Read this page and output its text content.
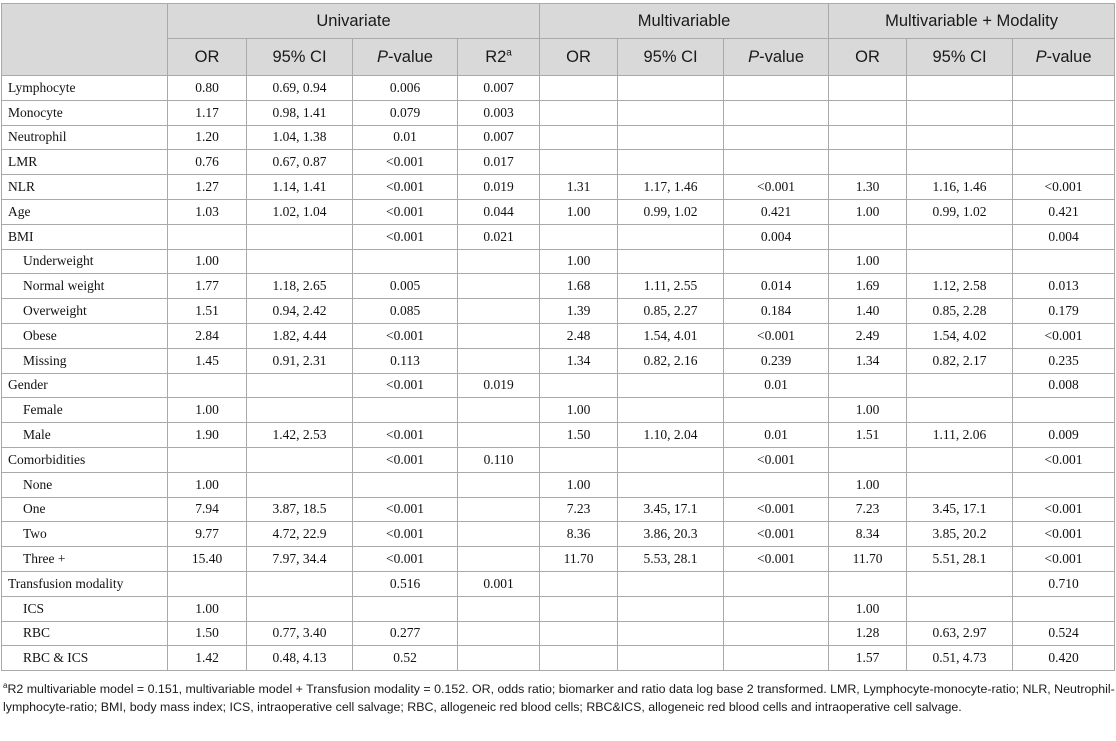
	Univariate				Multivariable			Multivariable + Modality		
	OR	95% CI	P-value	R2$^a$	OR	95% CI	P-value	OR	95% CI	P-value
Lymphocyte	0.80	0.69, 0.94	0.006	0.007						
Monocyte	1.17	0.98, 1.41	0.079	0.003						
Neutrophil	1.20	1.04, 1.38	0.01	0.007						
LMR	0.76	0.67, 0.87	<0.001	0.017						
NLR	1.27	1.14, 1.41	<0.001	0.019	1.31	1.17, 1.46	<0.001	1.30	1.16, 1.46	<0.001
Age	1.03	1.02, 1.04	<0.001	0.044	1.00	0.99, 1.02	0.421	1.00	0.99, 1.02	0.421
BMI			<0.001	0.021			0.004			0.004
Underweight	1.00				1.00			1.00		
Normal weight	1.77	1.18, 2.65	0.005		1.68	1.11, 2.55	0.014	1.69	1.12, 2.58	0.013
Overweight	1.51	0.94, 2.42	0.085		1.39	0.85, 2.27	0.184	1.40	0.85, 2.28	0.179
Obese	2.84	1.82, 4.44	<0.001		2.48	1.54, 4.01	<0.001	2.49	1.54, 4.02	<0.001
Missing	1.45	0.91, 2.31	0.113		1.34	0.82, 2.16	0.239	1.34	0.82, 2.17	0.235
Gender			<0.001	0.019			0.01			0.008
Female	1.00				1.00			1.00		
Male	1.90	1.42, 2.53	<0.001		1.50	1.10, 2.04	0.01	1.51	1.11, 2.06	0.009
Comorbidities			<0.001	0.110			<0.001			<0.001
None	1.00				1.00			1.00		
One	7.94	3.87, 18.5	<0.001		7.23	3.45, 17.1	<0.001	7.23	3.45, 17.1	<0.001
Two	9.77	4.72, 22.9	<0.001		8.36	3.86, 20.3	<0.001	8.34	3.85, 20.2	<0.001
Three +	15.40	7.97, 34.4	<0.001		11.70	5.53, 28.1	<0.001	11.70	5.51, 28.1	<0.001
Transfusion modality			0.516	0.001						0.710
ICS	1.00							1.00		
RBC	1.50	0.77, 3.40	0.277					1.28	0.63, 2.97	0.524
RBC & ICS	1.42	0.48, 4.13	0.52					1.57	0.51, 4.73	0.420
$^a$R2 multivariable model = 0.151, multivariable model + Transfusion modality = 0.152. OR, odds ratio; biomarker and ratio data log base 2 transformed. LMR, Lymphocyte-monocyte-ratio; NLR, Neutrophil-lymphocyte-ratio; BMI, body mass index; ICS, intraoperative cell salvage; RBC, allogeneic red blood cells; RBC&ICS, allogeneic red blood cells and intraoperative cell salvage.
